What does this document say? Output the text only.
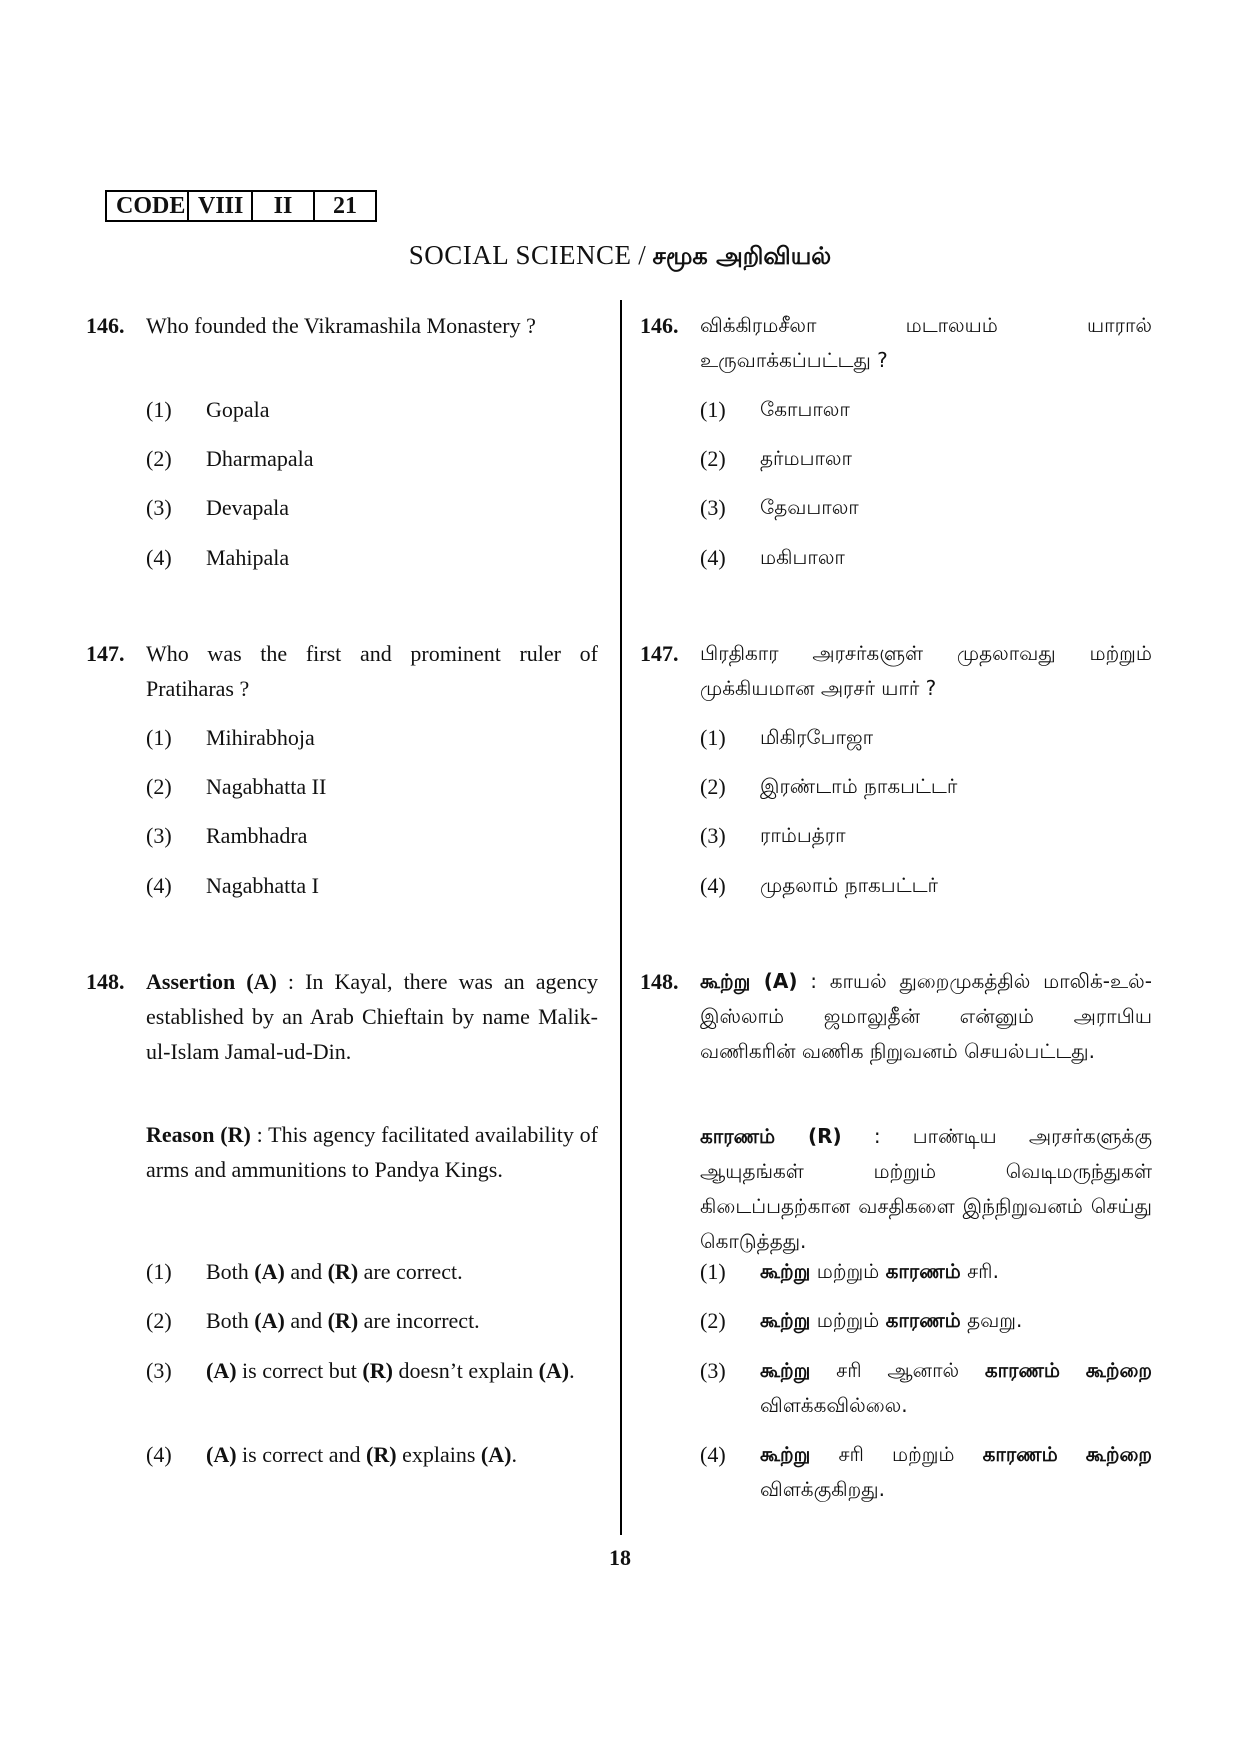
CODE VIII	II	21
SOCIAL SCIENCE / சமூக அறிவியல்
146. Who founded the Vikramashila Monastery ?
(1) Gopala
(2) Dharmapala
(3) Devapala
(4) Mahipala
147. Who was the first and prominent ruler of Pratiharas ?
(1) Mihirabhoja
(2) Nagabhatta II
(3) Rambhadra
(4) Nagabhatta I
148. Assertion (A) : In Kayal, there was an agency established by an Arab Chieftain by name Malik-ul-Islam Jamal-ud-Din.
Reason (R) : This agency facilitated availability of arms and ammunitions to Pandya Kings.
(1) Both (A) and (R) are correct.
(2) Both (A) and (R) are incorrect.
(3) (A) is correct but (R) doesn’t explain (A).
(4) (A) is correct and (R) explains (A).
146. விக்கிரமசீலா மடாலயம் யாரால் உருவாக்கப்பட்டது ?
(1) கோபாலா
(2) தர்மபாலா
(3) தேவபாலா
(4) மகிபாலா
147. பிரதிகார அரசர்களுள் முதலாவது மற்றும் முக்கியமான அரசர் யார் ?
(1) மிகிரபோஜா
(2) இரண்டாம் நாகபட்டர்
(3) ராம்பத்ரா
(4) முதலாம் நாகபட்டர்
148. கூற்று (A) : காயல் துறைமுகத்தில் மாலிக்-உல்-இஸ்லாம் ஜமாலுதீன் என்னும் அராபிய வணிகரின் வணிக நிறுவனம் செயல்பட்டது.
காரணம் (R) : பாண்டிய அரசர்களுக்கு ஆயுதங்கள் மற்றும் வெடிமருந்துகள் கிடைப்பதற்கான வசதிகளை இந்நிறுவனம் செய்து கொடுத்தது.
(1) கூற்று மற்றும் காரணம் சரி.
(2) கூற்று மற்றும் காரணம் தவறு.
(3) கூற்று சரி ஆனால் காரணம் கூற்றை விளக்கவில்லை.
(4) கூற்று சரி மற்றும் காரணம் கூற்றை விளக்குகிறது.
18
